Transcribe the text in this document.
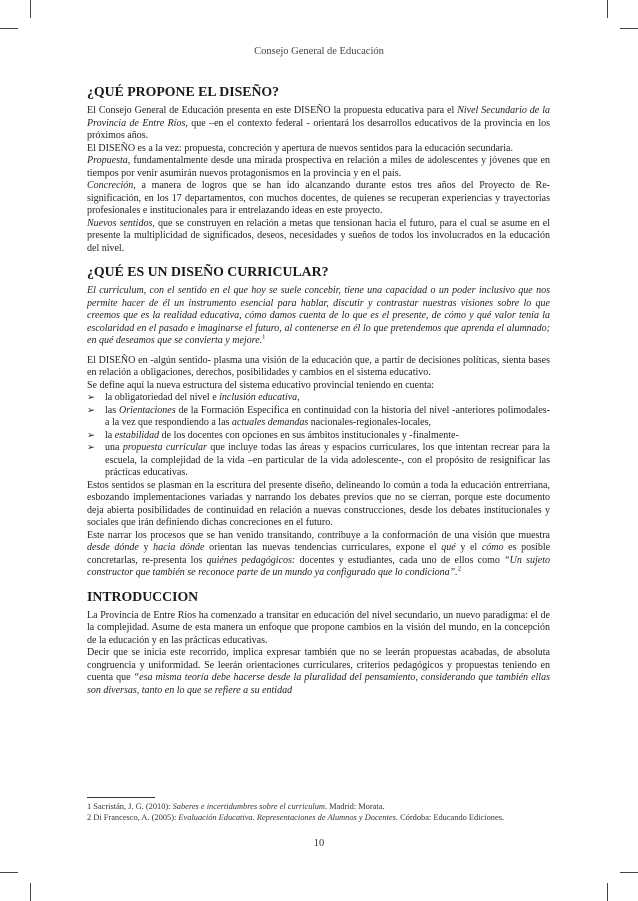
Consejo General de Educación
¿QUÉ PROPONE EL DISEÑO?

El Consejo General de Educación presenta en este DISEÑO la propuesta educativa para el Nivel Secundario de la Provincia de Entre Ríos, que –en el contexto federal - orientará los desarrollos educativos de la provincia en los próximos años.

El DISEÑO es a la vez: propuesta, concreción y apertura de nuevos sentidos para la educación secundaria.

Propuesta, fundamentalmente desde una mirada prospectiva en relación a miles de adolescentes y jóvenes que en tiempos por venir asumirán nuevos protagonismos en la provincia y en el país.

Concreción, a manera de logros que se han ido alcanzando durante estos tres años del Proyecto de Re-significación, en los 17 departamentos, con muchos docentes, de quienes se recuperan experiencias y trayectorias profesionales e institucionales para ir entrelazando ideas en este proyecto.

Nuevos sentidos, que se construyen en relación a metas que tensionan hacia el futuro, para el cual se asume en el presente la multiplicidad de significados, deseos, necesidades y sueños de todos los involucrados en la educación del nivel.

¿QUÉ ES UN DISEÑO CURRICULAR?

El curriculum, con el sentido en el que hoy se suele concebir, tiene una capacidad o un poder inclusivo que nos permite hacer de él un instrumento esencial para hablar, discutir y contrastar nuestras visiones sobre lo que creemos que es la realidad educativa, cómo damos cuenta de lo que es el presente, de cómo y qué valor tenía la escolaridad en el pasado e imaginarse el futuro, al contenerse en él lo que pretendemos que aprenda el alumnado; en qué deseamos que se convierta y mejore.$^1$

El DISEÑO en -algún sentido- plasma una visión de la educación que, a partir de decisiones políticas, sienta bases en relación a obligaciones, derechos, posibilidades y cambios en el sistema educativo.

Se define aquí la nueva estructura del sistema educativo provincial teniendo en cuenta:

➢ la obligatoriedad del nivel e inclusión educativa,
➢ las Orientaciones de la Formación Específica en continuidad con la historia del nivel -anteriores polimodales- a la vez que respondiendo a las actuales demandas nacionales-regionales-locales,
➢ la estabilidad de los docentes con opciones en sus ámbitos institucionales y -finalmente-
➢ una propuesta curricular que incluye todas las áreas y espacios curriculares, los que intentan recrear para la escuela, la complejidad de la vida –en particular de la vida adolescente-, con el propósito de resignificar las prácticas educativas.

Estos sentidos se plasman en la escritura del presente diseño, delineando lo común a toda la educación entrerriana, esbozando implementaciones variadas y narrando los debates previos que no se cierran, porque este documento deja abierta posibilidades de continuidad en relación a nuevas construcciones, desde los debates institucionales y sociales que irán definiendo dichas concreciones en el futuro.

Este narrar los procesos que se han venido transitando, contribuye a la conformación de una visión que muestra desde dónde y hacia dónde orientan las nuevas tendencias curriculares, expone el qué y el cómo es posible concretarlas, re-presenta los quiénes pedagógicos: docentes y estudiantes, cada uno de ellos como “Un sujeto constructor que también se reconoce parte de un mundo ya configurado que lo condiciona”.$^2$

INTRODUCCION

La Provincia de Entre Ríos ha comenzado a transitar en educación del nivel secundario, un nuevo paradigma: el de la complejidad. Asume de esta manera un enfoque que propone cambios en la visión del mundo, en la concepción de la educación y en las prácticas educativas.

Decir que se inicia este recorrido, implica expresar también que no se leerán propuestas acabadas, de absoluta congruencia y uniformidad. Se leerán orientaciones curriculares, criterios pedagógicos y propuestas teniendo en cuenta que “esa misma teoría debe hacerse desde la pluralidad del pensamiento, considerando que también ellas son diversas, tanto en lo que se refiere a su entidad

1 Sacristán, J. G. (2010): Saberes e incertidumbres sobre el curriculum. Madrid: Morata.
2 Di Francesco, A. (2005): Evaluación Educativa. Representaciones de Alumnos y Docentes. Córdoba: Educando Ediciones.
10
